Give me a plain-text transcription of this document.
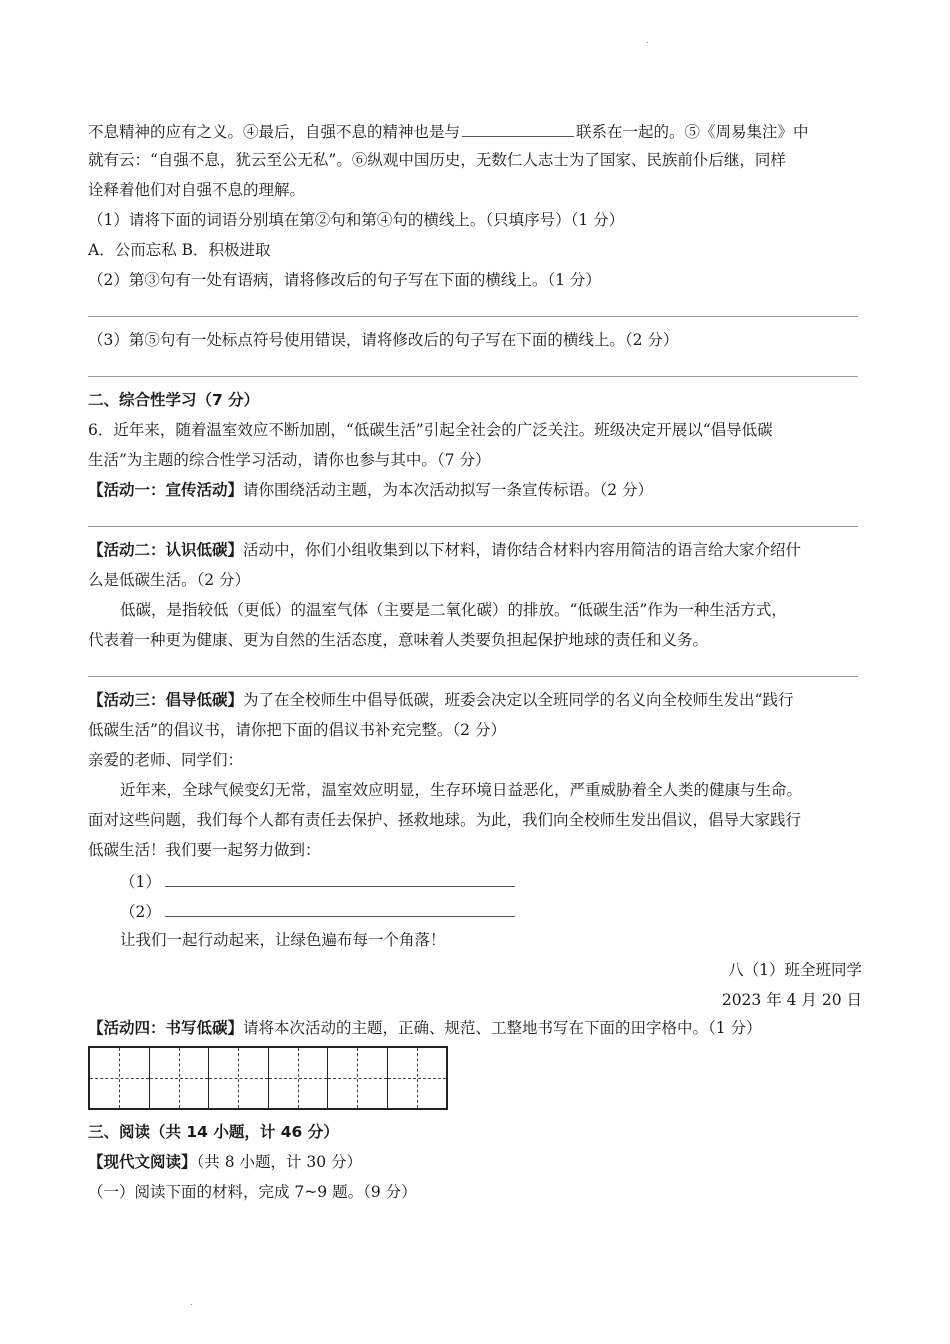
.
不息精神的应有之义。④最后，自强不息的精神也是与	联系在一起的。⑤《周易集注》中
就有云：“自强不息，犹云至公无私”。⑥纵观中国历史，无数仁人志士为了国家、民族前仆后继，同样
诠释着他们对自强不息的理解。
（1）请将下面的词语分别填在第②句和第④句的横线上。（只填序号）（1 分）
A．公而忘私 B．积极进取
（2）第③句有一处有语病，请将修改后的句子写在下面的横线上。（1 分）
（3）第⑤句有一处标点符号使用错误，请将修改后的句子写在下面的横线上。（2 分）
二、综合性学习（7 分）
6．近年来，随着温室效应不断加剧，“低碳生活”引起全社会的广泛关注。班级决定开展以“倡导低碳
生活”为主题的综合性学习活动，请你也参与其中。（7 分）
【活动一：宣传活动】请你围绕活动主题，为本次活动拟写一条宣传标语。（2 分）
【活动二：认识低碳】活动中，你们小组收集到以下材料，请你结合材料内容用简洁的语言给大家介绍什
么是低碳生活。（2 分）
低碳，是指较低（更低）的温室气体（主要是二氧化碳）的排放。“低碳生活”作为一种生活方式，
代表着一种更为健康、更为自然的生活态度，意味着人类要负担起保护地球的责任和义务。
【活动三：倡导低碳】为了在全校师生中倡导低碳，班委会决定以全班同学的名义向全校师生发出“践行
低碳生活”的倡议书，请你把下面的倡议书补充完整。（2 分）
亲爱的老师、同学们：
近年来，全球气候变幻无常，温室效应明显，生存环境日益恶化，严重威胁着全人类的健康与生命。
面对这些问题，我们每个人都有责任去保护、拯救地球。为此，我们向全校师生发出倡议，倡导大家践行
低碳生活！我们要一起努力做到：
（1）
（2）
让我们一起行动起来，让绿色遍布每一个角落！
八（1）班全班同学
2023 年 4 月 20 日
【活动四：书写低碳】请将本次活动的主题，正确、规范、工整地书写在下面的田字格中。（1 分）
三、阅读（共 14 小题，计 46 分）
【现代文阅读】（共 8 小题，计 30 分）
（一）阅读下面的材料，完成 7~9 题。（9 分）
.
